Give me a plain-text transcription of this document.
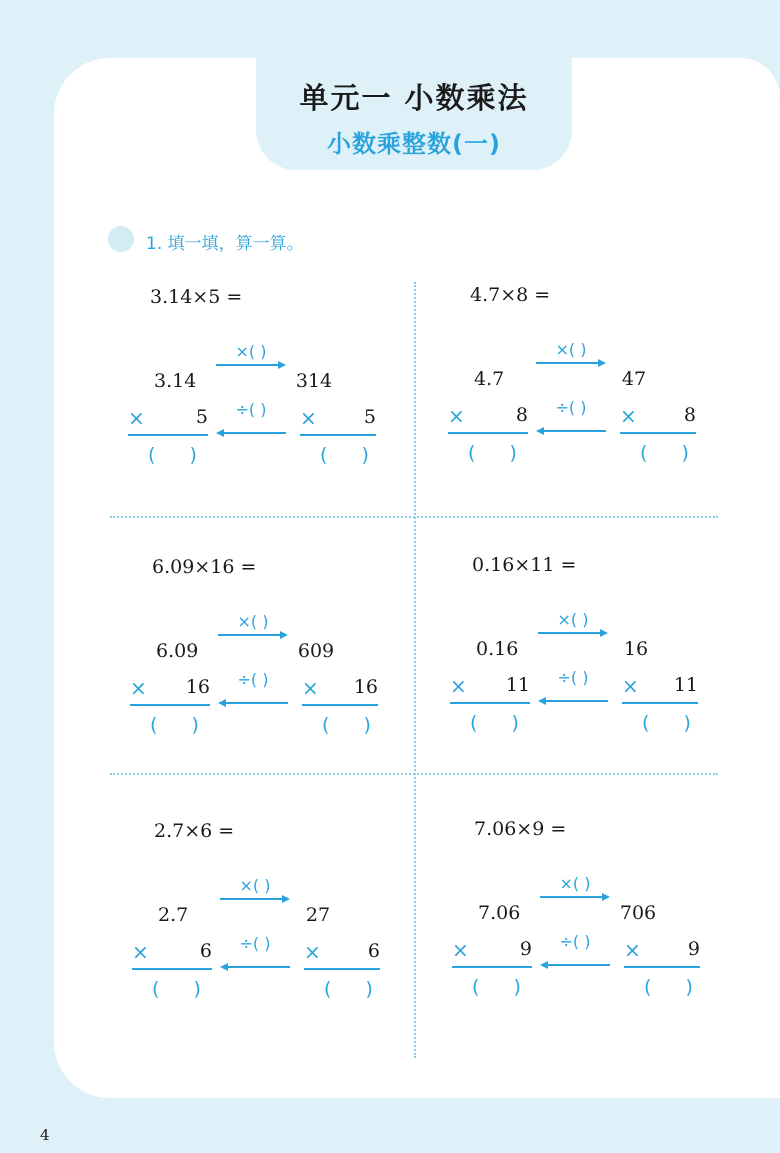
单元一 小数乘法
小数乘整数(一)
1. 填一填，算一算。
3.14×5 =
3.14
×( )
314
×	5	× 5
÷( )
( )	( )
4.7×8 =
4.7
×( )
47
×	8	× 8
÷( )
( )	( )
6.09×16 =
6.09
×( )
609
× 16	× 16
÷( )
( )	( )
0.16×11 =
0.16
×( )
16
× 11	× 11
÷( )
( )	( )
2.7×6 =
2.7
×( )
27
×	6	× 6
÷( )
( )	( )
7.06×9 =
7.06
×( )
706
×	9	× 9
÷( )
( )	( )
4
